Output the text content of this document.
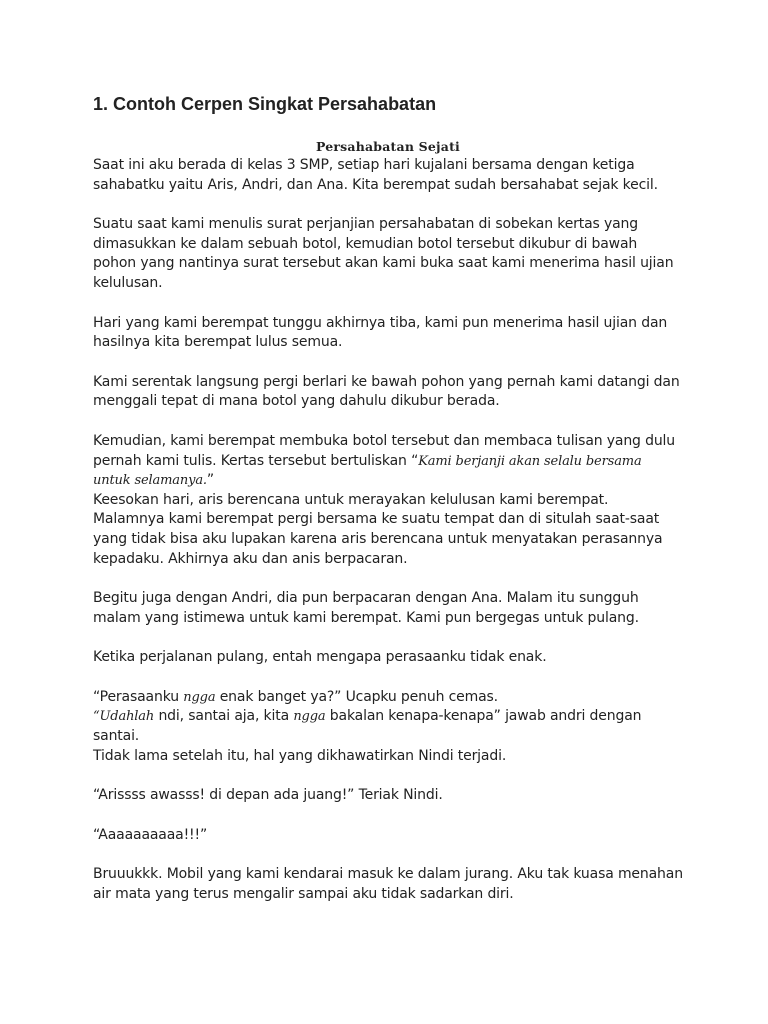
1. Contoh Cerpen Singkat Persahabatan
Persahabatan Sejati

Saat ini aku berada di kelas 3 SMP, setiap hari kujalani bersama dengan ketiga sahabatku yaitu Aris, Andri, dan Ana. Kita berempat sudah bersahabat sejak kecil.

Suatu saat kami menulis surat perjanjian persahabatan di sobekan kertas yang dimasukkan ke dalam sebuah botol, kemudian botol tersebut dikubur di bawah pohon yang nantinya surat tersebut akan kami buka saat kami menerima hasil ujian kelulusan.

Hari yang kami berempat tunggu akhirnya tiba, kami pun menerima hasil ujian dan hasilnya kita berempat lulus semua.

Kami serentak langsung pergi berlari ke bawah pohon yang pernah kami datangi dan menggali tepat di mana botol yang dahulu dikubur berada.

Kemudian, kami berempat membuka botol tersebut dan membaca tulisan yang dulu pernah kami tulis. Kertas tersebut bertuliskan “Kami berjanji akan selalu bersama untuk selamanya.”
Keesokan hari, aris berencana untuk merayakan kelulusan kami berempat.
Malamnya kami berempat pergi bersama ke suatu tempat dan di situlah saat-saat yang tidak bisa aku lupakan karena aris berencana untuk menyatakan perasannya kepadaku. Akhirnya aku dan anis berpacaran.

Begitu juga dengan Andri, dia pun berpacaran dengan Ana. Malam itu sungguh malam yang istimewa untuk kami berempat. Kami pun bergegas untuk pulang.

Ketika perjalanan pulang, entah mengapa perasaanku tidak enak.

“Perasaanku ngga enak banget ya?” Ucapku penuh cemas.
“Udahlah ndi, santai aja, kita ngga bakalan kenapa-kenapa” jawab andri dengan santai.
Tidak lama setelah itu, hal yang dikhawatirkan Nindi terjadi.

“Arissss awasss! di depan ada juang!” Teriak Nindi.

“Aaaaaaaaaa!!!”

Bruuukkk. Mobil yang kami kendarai masuk ke dalam jurang. Aku tak kuasa menahan air mata yang terus mengalir sampai aku tidak sadarkan diri.
